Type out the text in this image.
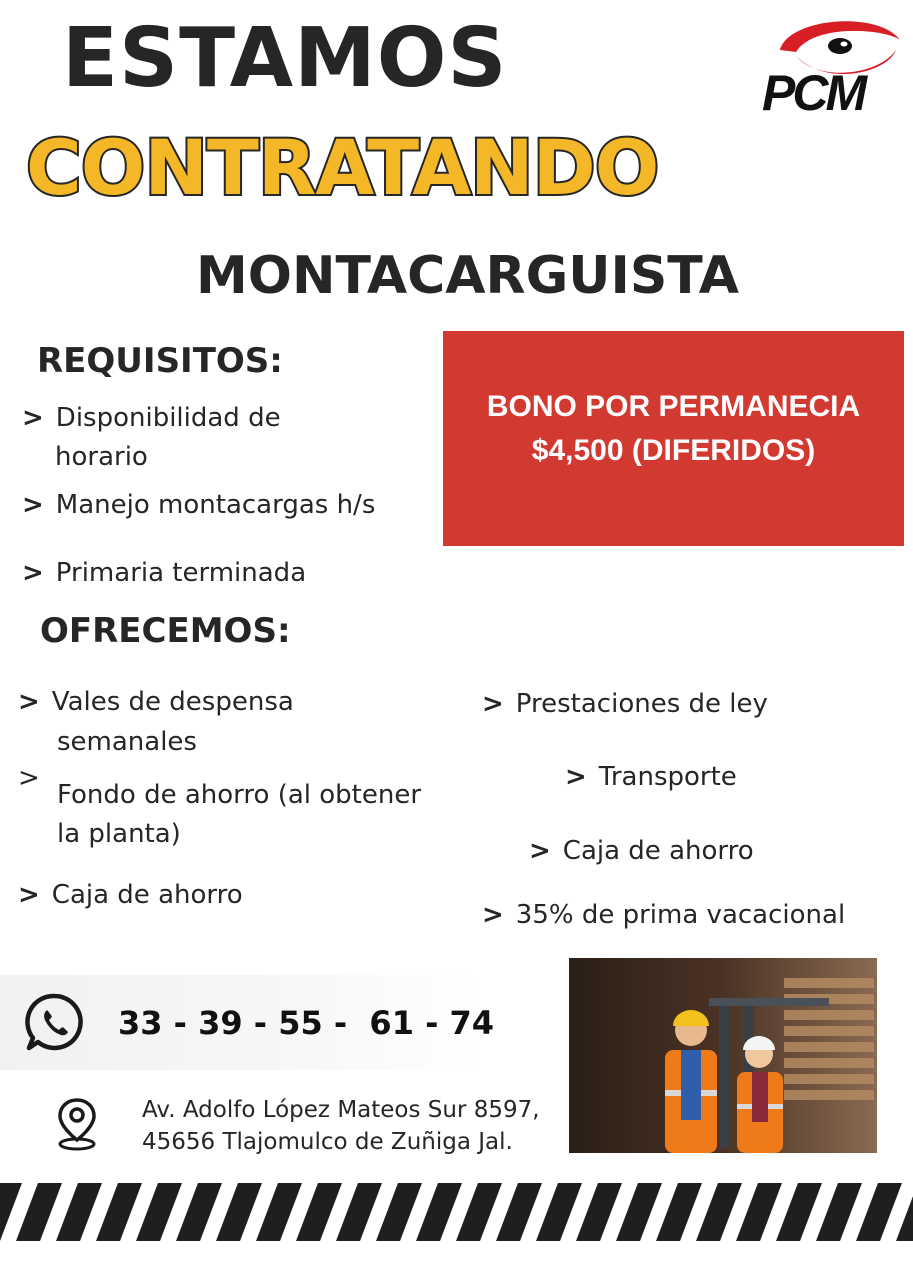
ESTAMOS
CONTRATANDO
MONTACARGUISTA
PCM
REQUISITOS:
> Disponibilidad de
horario
> Manejo montacargas h/s
> Primaria terminada
BONO POR PERMANECIA
$4,500 (DIFERIDOS)
OFRECEMOS:
> Vales de despensa
semanales
>
Fondo de ahorro (al obtener
la planta)
> Caja de ahorro
> Prestaciones de ley
> Transporte
> Caja de ahorro
> 35% de prima vacacional
33 - 39 - 55 -  61 - 74
Av. Adolfo López Mateos Sur 8597,
45656 Tlajomulco de Zuñiga Jal.
